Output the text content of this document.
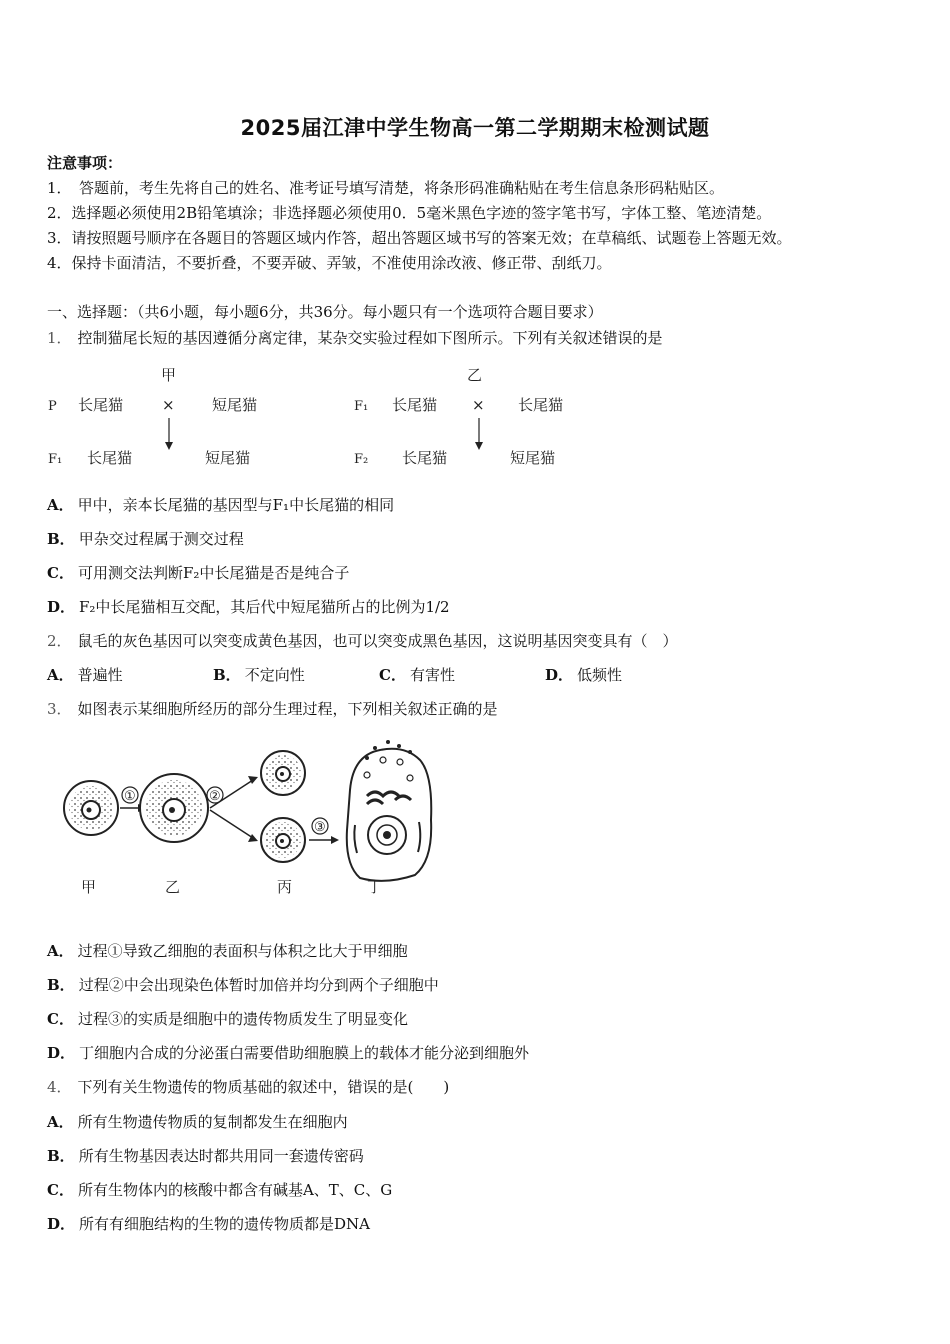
2025届江津中学生物高一第二学期期末检测试题
注意事项：
1．　答题前，考生先将自己的姓名、准考证号填写清楚，将条形码准确粘贴在考生信息条形码粘贴区。
2．选择题必须使用2B铅笔填涂；非选择题必须使用0．5毫米黑色字迹的签字笔书写，字体工整、笔迹清楚。
3．请按照题号顺序在各题目的答题区域内作答，超出答题区域书写的答案无效；在草稿纸、试题卷上答题无效。
4．保持卡面清洁，不要折叠，不要弄破、弄皱，不准使用涂改液、修正带、刮纸刀。
一、选择题：（共6小题，每小题6分，共36分。每小题只有一个选项符合题目要求）
1． 控制猫尾长短的基因遵循分离定律，某杂交实验过程如下图所示。下列有关叙述错误的是
甲	乙
P 长尾猫	× 短尾猫
F₁ 长尾猫	短尾猫
F₁ 长尾猫 × 长尾猫
F₂ 长尾猫	短尾猫
A． 甲中，亲本长尾猫的基因型与F₁中长尾猫的相同
B． 甲杂交过程属于测交过程
C． 可用测交法判断F₂中长尾猫是否是纯合子
D． F₂中长尾猫相互交配，其后代中短尾猫所占的比例为1/2
2． 鼠毛的灰色基因可以突变成黄色基因，也可以突变成黑色基因，这说明基因突变具有（　）
A． 普遍性	B． 不定向性	C． 有害性	D． 低频性
3． 如图表示某细胞所经历的部分生理过程，下列相关叙述正确的是
①	②
③
甲	乙	丙	丁
A． 过程①导致乙细胞的表面积与体积之比大于甲细胞
B． 过程②中会出现染色体暂时加倍并均分到两个子细胞中
C． 过程③的实质是细胞中的遗传物质发生了明显变化
D． 丁细胞内合成的分泌蛋白需要借助细胞膜上的载体才能分泌到细胞外
4． 下列有关生物遗传的物质基础的叙述中，错误的是(　　)
A． 所有生物遗传物质的复制都发生在细胞内
B． 所有生物基因表达时都共用同一套遗传密码
C． 所有生物体内的核酸中都含有碱基A、T、C、G
D． 所有有细胞结构的生物的遗传物质都是DNA
